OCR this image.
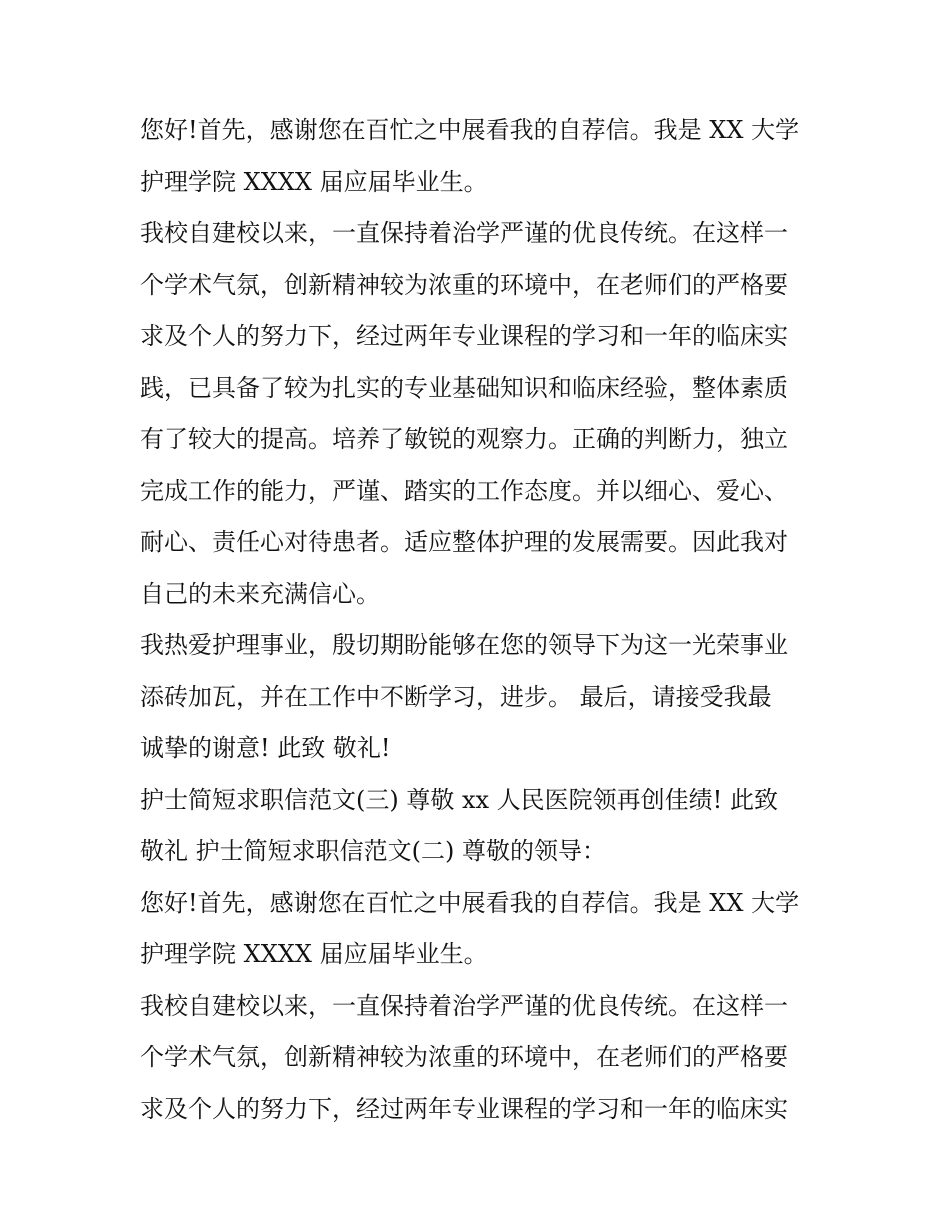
您好!首先，感谢您在百忙之中展看我的自荐信。我是 XX 大学
护理学院 XXXX 届应届毕业生。
我校自建校以来，一直保持着治学严谨的优良传统。在这样一
个学术气氛，创新精神较为浓重的环境中，在老师们的严格要
求及个人的努力下，经过两年专业课程的学习和一年的临床实
践，已具备了较为扎实的专业基础知识和临床经验，整体素质
有了较大的提高。培养了敏锐的观察力。正确的判断力，独立
完成工作的能力，严谨、踏实的工作态度。并以细心、爱心、
耐心、责任心对待患者。适应整体护理的发展需要。因此我对
自己的未来充满信心。
我热爱护理事业，殷切期盼能够在您的领导下为这一光荣事业
添砖加瓦，并在工作中不断学习，进步。 最后，请接受我最
诚挚的谢意! 此致 敬礼!
护士简短求职信范文(三) 尊敬 xx 人民医院领再创佳绩! 此致
敬礼 护士简短求职信范文(二) 尊敬的领导：
您好!首先，感谢您在百忙之中展看我的自荐信。我是 XX 大学
护理学院 XXXX 届应届毕业生。
我校自建校以来，一直保持着治学严谨的优良传统。在这样一
个学术气氛，创新精神较为浓重的环境中，在老师们的严格要
求及个人的努力下，经过两年专业课程的学习和一年的临床实
